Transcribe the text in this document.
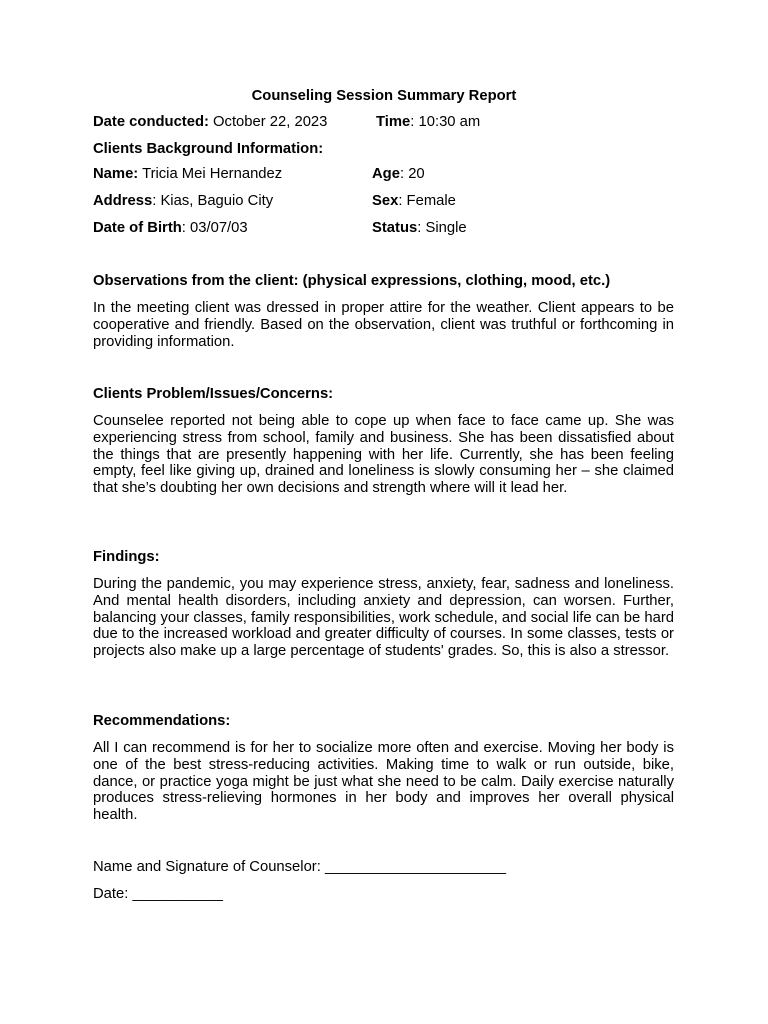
Counseling Session Summary Report
Date conducted: October 22, 2023	Time: 10:30 am
Clients Background Information:
Name: Tricia Mei Hernandez	Age: 20
Address: Kias, Baguio City	Sex: Female
Date of Birth: 03/07/03	Status: Single
Observations from the client: (physical expressions, clothing, mood, etc.)
In the meeting client was dressed in proper attire for the weather. Client appears to be cooperative and friendly. Based on the observation, client was truthful or forthcoming in providing information.
Clients Problem/Issues/Concerns:
Counselee reported not being able to cope up when face to face came up. She was experiencing stress from school, family and business. She has been dissatisfied about the things that are presently happening with her life. Currently, she has been feeling empty, feel like giving up, drained and loneliness is slowly consuming her – she claimed that she’s doubting her own decisions and strength where will it lead her.
Findings:
During the pandemic, you may experience stress, anxiety, fear, sadness and loneliness. And mental health disorders, including anxiety and depression, can worsen. Further, balancing your classes, family responsibilities, work schedule, and social life can be hard due to the increased workload and greater difficulty of courses. In some classes, tests or projects also make up a large percentage of students' grades. So, this is also a stressor.
Recommendations:
All I can recommend is for her to socialize more often and exercise. Moving her body is one of the best stress-reducing activities. Making time to walk or run outside, bike, dance, or practice yoga might be just what she need to be calm. Daily exercise naturally produces stress-relieving hormones in her body and improves her overall physical health.
Name and Signature of Counselor: ______________________
Date: ___________
